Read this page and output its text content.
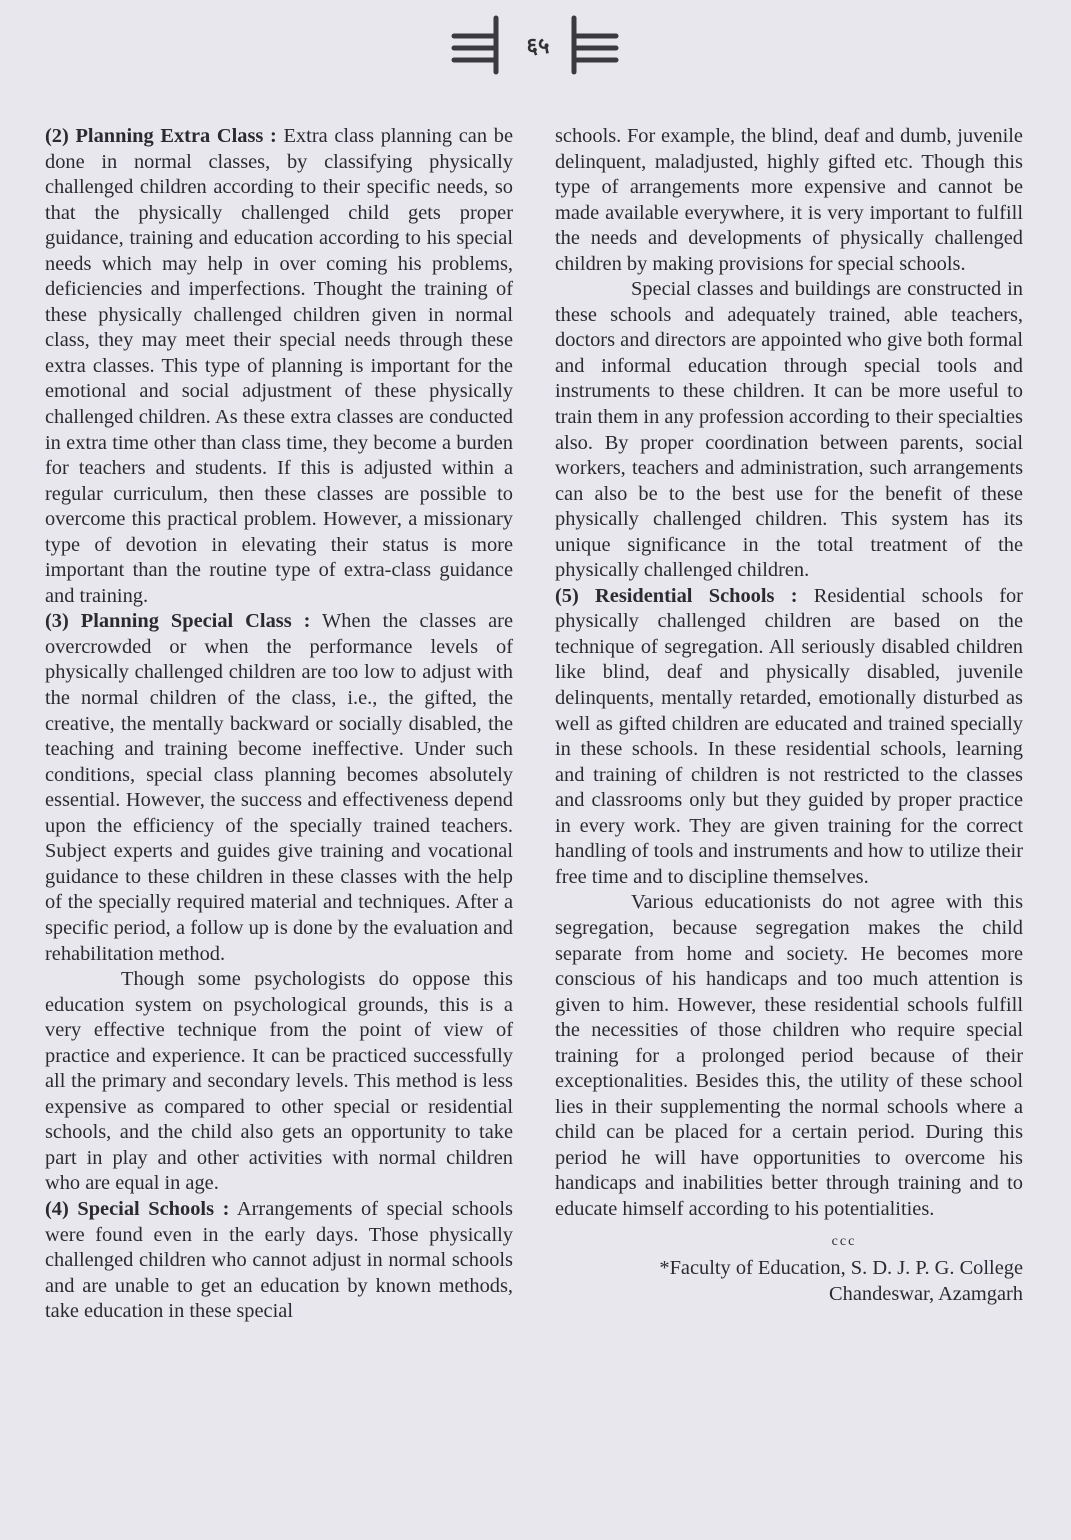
६५

(2) Planning Extra Class : Extra class planning can be done in normal classes, by classifying physically challenged children according to their specific needs, so that the physically challenged child gets proper guidance, training and education according to his special needs which may help in over coming his problems, deficiencies and imperfections. Thought the training of these physically challenged children given in normal class, they may meet their special needs through these extra classes. This type of planning is important for the emotional and social adjustment of these physically challenged children. As these extra classes are conducted in extra time other than class time, they become a burden for teachers and students. If this is adjusted within a regular curriculum, then these classes are possible to overcome this practical problem. However, a missionary type of devotion in elevating their status is more important than the routine type of extra-class guidance and training.

(3) Planning Special Class : When the classes are overcrowded or when the performance levels of physically challenged children are too low to adjust with the normal children of the class, i.e., the gifted, the creative, the mentally backward or socially disabled, the teaching and training become ineffective. Under such conditions, special class planning becomes absolutely essential. However, the success and effectiveness depend upon the efficiency of the specially trained teachers. Subject experts and guides give training and vocational guidance to these children in these classes with the help of the specially required material and techniques. After a specific period, a follow up is done by the evaluation and rehabilitation method.

Though some psychologists do oppose this education system on psychological grounds, this is a very effective technique from the point of view of practice and experience. It can be practiced successfully all the primary and secondary levels. This method is less expensive as compared to other special or residential schools, and the child also gets an opportunity to take part in play and other activities with normal children who are equal in age.

(4) Special Schools : Arrangements of special schools were found even in the early days. Those physically challenged children who cannot adjust in normal schools and are unable to get an education by known methods, take education in these special

schools. For example, the blind, deaf and dumb, juvenile delinquent, maladjusted, highly gifted etc. Though this type of arrangements more expensive and cannot be made available everywhere, it is very important to fulfill the needs and developments of physically challenged children by making provisions for special schools.

Special classes and buildings are constructed in these schools and adequately trained, able teachers, doctors and directors are appointed who give both formal and informal education through special tools and instruments to these children. It can be more useful to train them in any profession according to their specialties also. By proper coordination between parents, social workers, teachers and administration, such arrangements can also be to the best use for the benefit of these physically challenged children. This system has its unique significance in the total treatment of the physically challenged children.

(5) Residential Schools : Residential schools for physically challenged children are based on the technique of segregation. All seriously disabled children like blind, deaf and physically disabled, juvenile delinquents, mentally retarded, emotionally disturbed as well as gifted children are educated and trained specially in these schools. In these residential schools, learning and training of children is not restricted to the classes and classrooms only but they guided by proper practice in every work. They are given training for the correct handling of tools and instruments and how to utilize their free time and to discipline themselves.

Various educationists do not agree with this segregation, because segregation makes the child separate from home and society. He becomes more conscious of his handicaps and too much attention is given to him. However, these residential schools fulfill the necessities of those children who require special training for a prolonged period because of their exceptionalities. Besides this, the utility of these school lies in their supplementing the normal schools where a child can be placed for a certain period. During this period he will have opportunities to overcome his handicaps and inabilities better through training and to educate himself according to his potentialities.

ccc
*Faculty of Education, S. D. J. P. G. College
Chandeswar, Azamgarh
